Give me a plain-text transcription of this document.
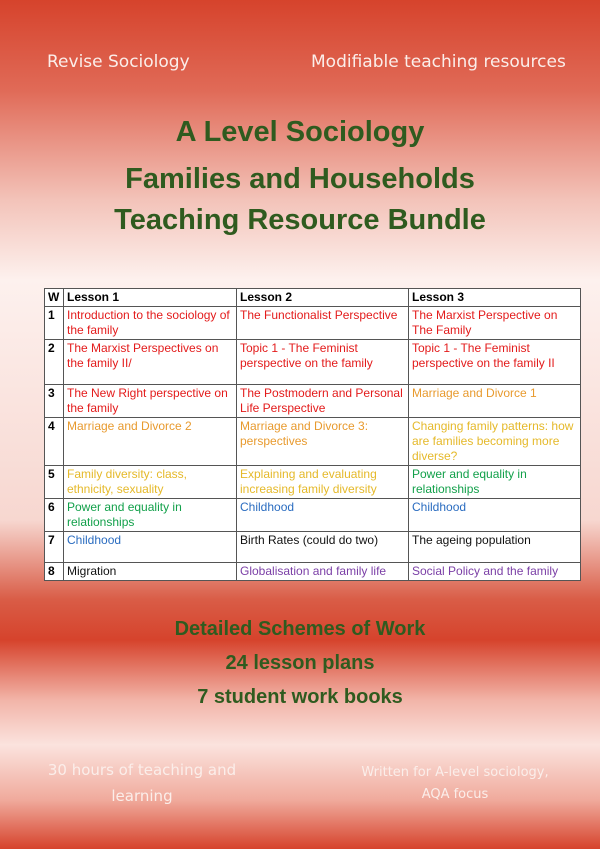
Revise Sociology	Modifiable teaching resources
A Level Sociology
Families and Households
Teaching Resource Bundle
W	Lesson 1	Lesson 2	Lesson 3
1	Introduction to the sociology of the family	The Functionalist Perspective	The Marxist Perspective on The Family
2	The Marxist Perspectives on the family II/	Topic 1 - The Feminist perspective on the family	Topic 1 - The Feminist perspective on the family II
3	The New Right perspective on the family	The Postmodern and Personal Life Perspective	Marriage and Divorce 1
4	Marriage and Divorce 2	Marriage and Divorce 3: perspectives	Changing family patterns: how are families becoming more diverse?
5	Family diversity: class, ethnicity, sexuality	Explaining and evaluating increasing family diversity	Power and equality in relationships
6	Power and equality in relationships	Childhood	Childhood
7	Childhood	Birth Rates (could do two)	The ageing population
8	Migration	Globalisation and family life	Social Policy and the family
Detailed Schemes of Work
24 lesson plans
7 student work books
30 hours of teaching and learning
Written for A-level sociology, AQA focus
